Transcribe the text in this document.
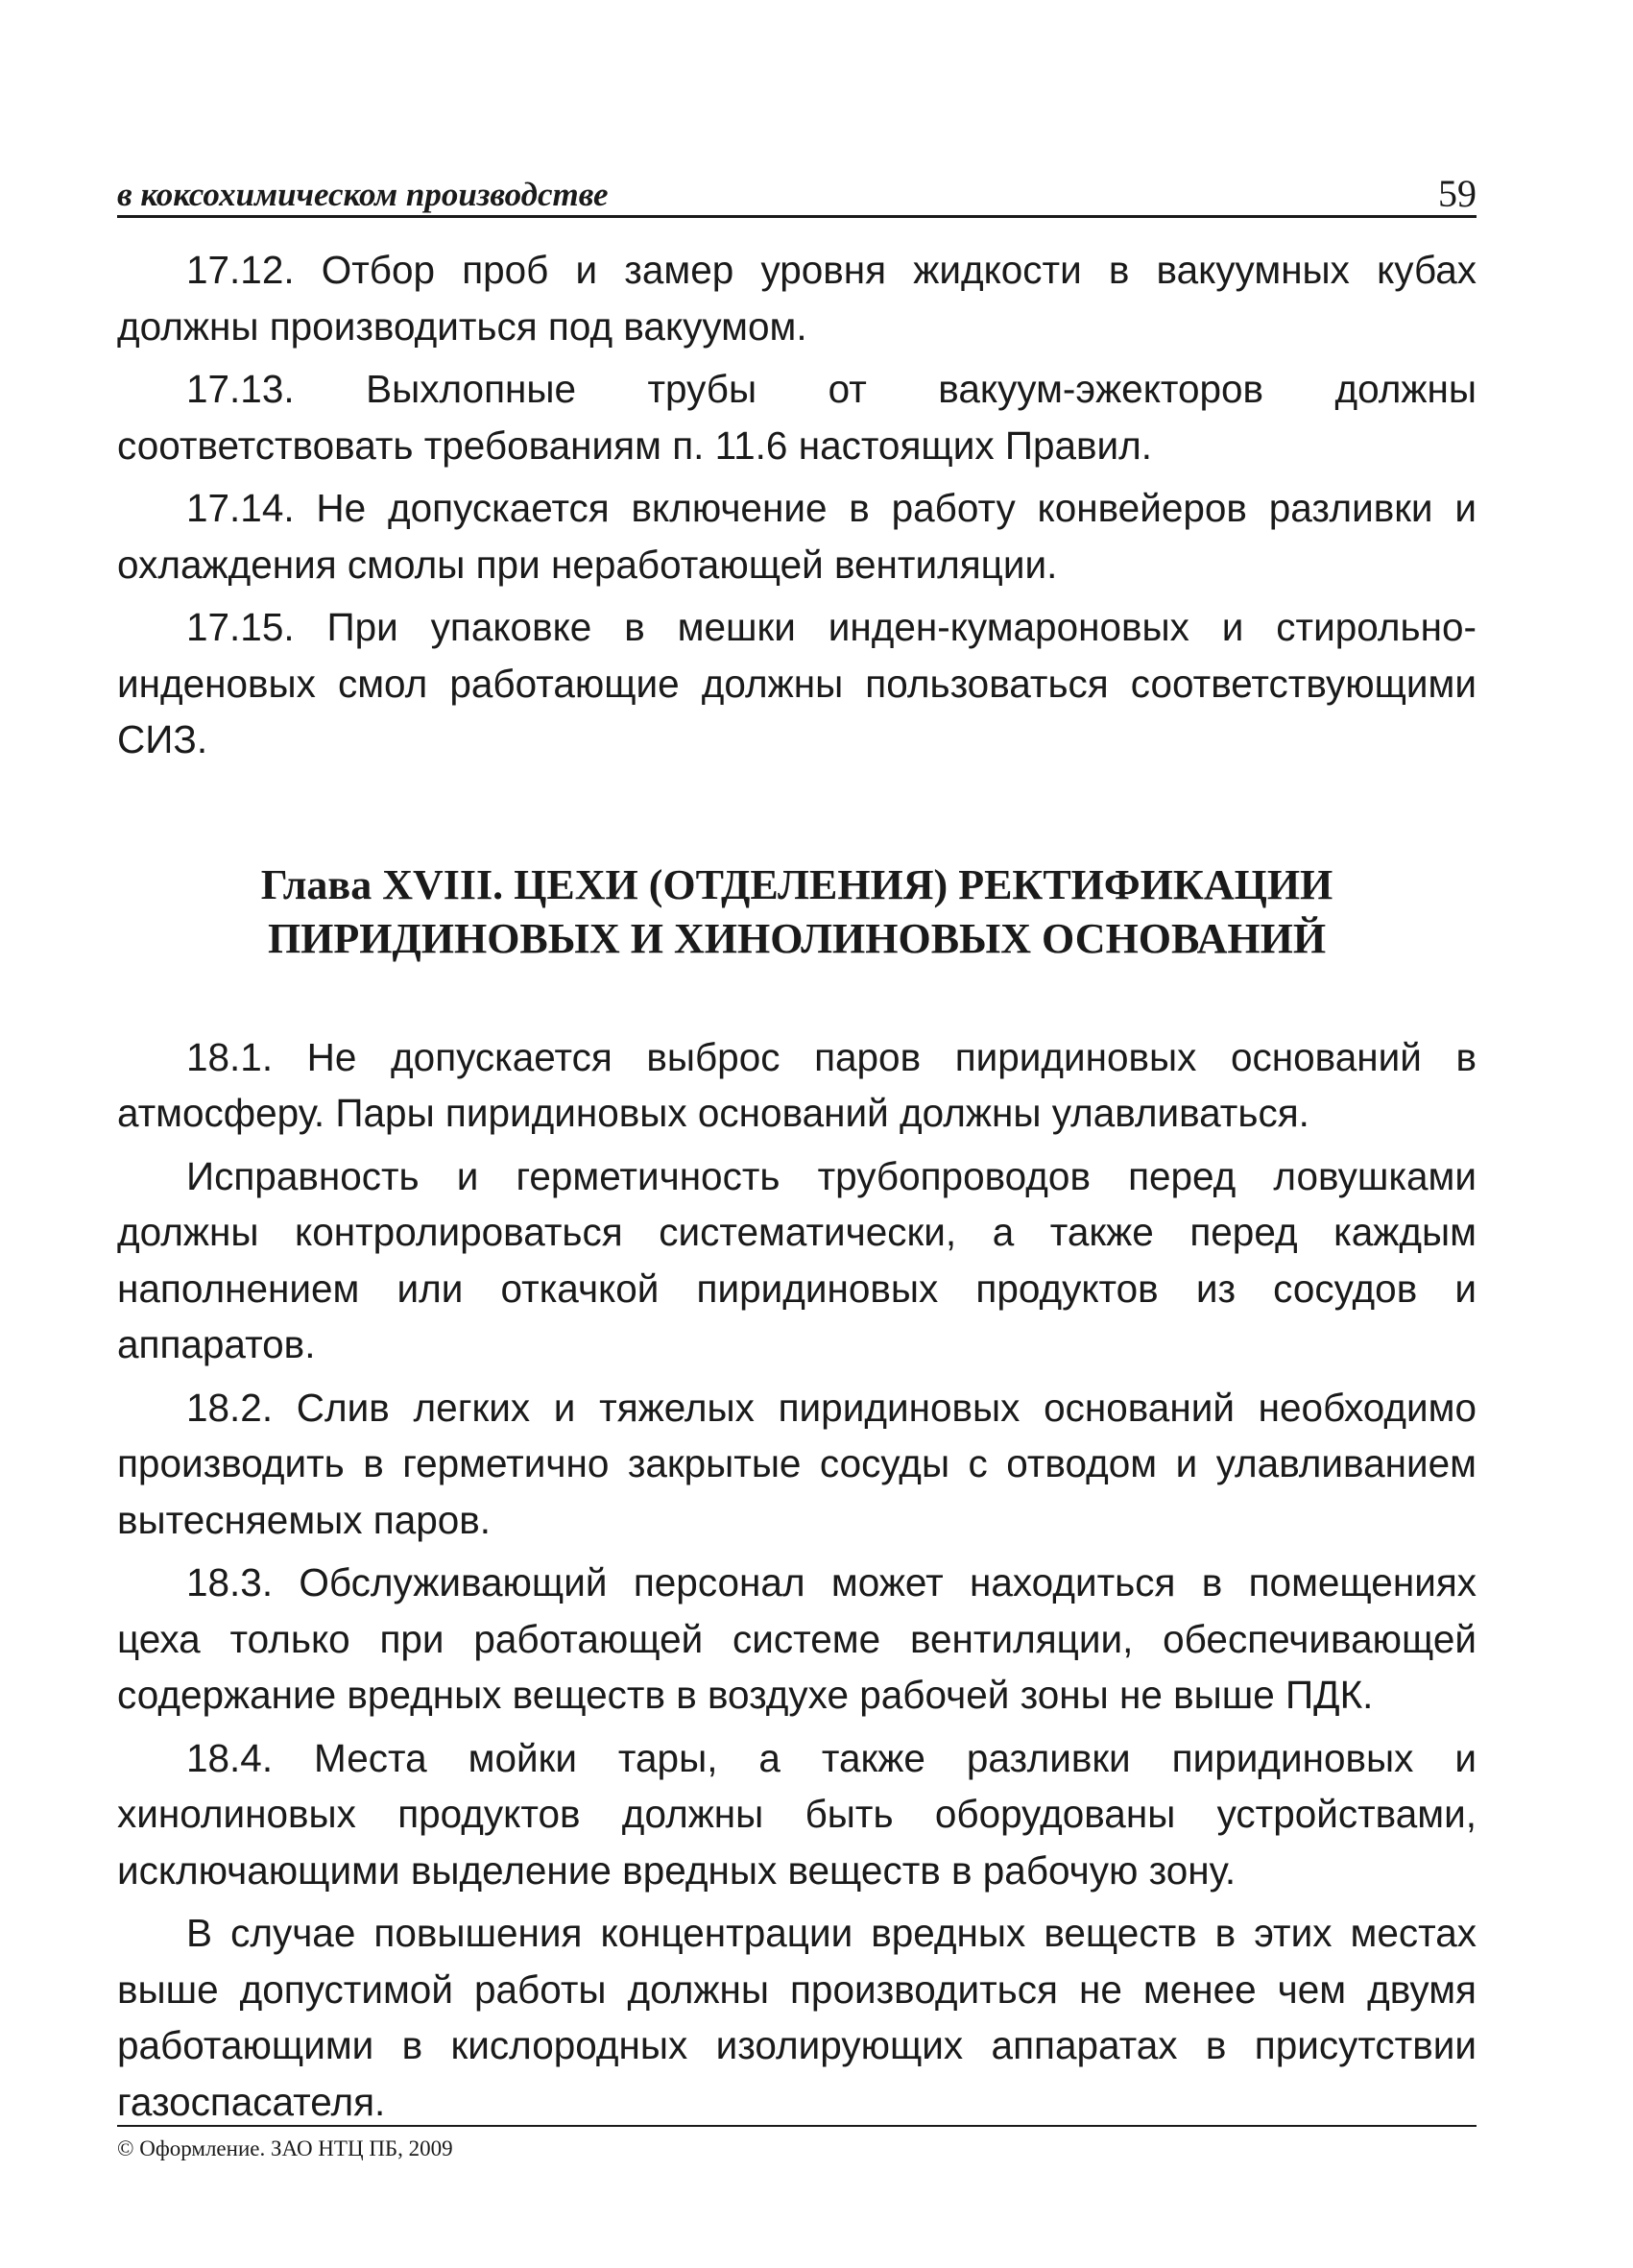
в коксохимическом производстве	59

17.12. Отбор проб и замер уровня жидкости в вакуумных кубах должны производиться под вакуумом.

17.13. Выхлопные трубы от вакуум-эжекторов должны соответствовать требованиям п. 11.6 настоящих Правил.

17.14. Не допускается включение в работу конвейеров разливки и охлаждения смолы при неработающей вентиляции.

17.15. При упаковке в мешки инден-кумароновых и стирольно-инденовых смол работающие должны пользоваться соответствующими СИЗ.

Глава XVIII. ЦЕХИ (ОТДЕЛЕНИЯ) РЕКТИФИКАЦИИ
ПИРИДИНОВЫХ И ХИНОЛИНОВЫХ ОСНОВАНИЙ

18.1. Не допускается выброс паров пиридиновых оснований в атмосферу. Пары пиридиновых оснований должны улавливаться.

Исправность и герметичность трубопроводов перед ловушками должны контролироваться систематически, а также перед каждым наполнением или откачкой пиридиновых продуктов из сосудов и аппаратов.

18.2. Слив легких и тяжелых пиридиновых оснований необходимо производить в герметично закрытые сосуды с отводом и улавливанием вытесняемых паров.

18.3. Обслуживающий персонал может находиться в помещениях цеха только при работающей системе вентиляции, обеспечивающей содержание вредных веществ в воздухе рабочей зоны не выше ПДК.

18.4. Места мойки тары, а также разливки пиридиновых и хинолиновых продуктов должны быть оборудованы устройствами, исключающими выделение вредных веществ в рабочую зону.

В случае повышения концентрации вредных веществ в этих местах выше допустимой работы должны производиться не менее чем двумя работающими в кислородных изолирующих аппаратах в присутствии газоспасателя.

© Оформление. ЗАО НТЦ ПБ, 2009
